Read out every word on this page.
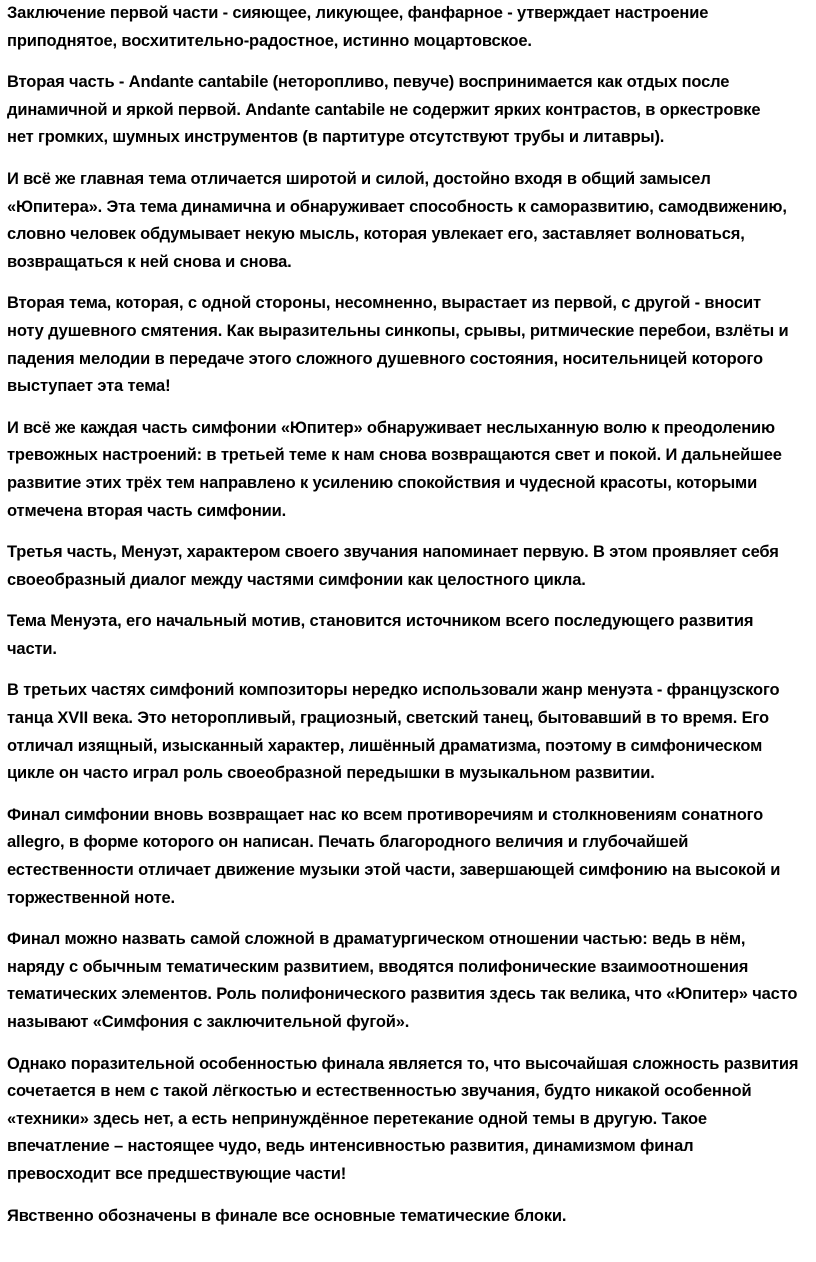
Заключение первой части - сияющее, ликующее, фанфарное - утверждает настроение
приподнятое, восхитительно-радостное, истинно моцартовское.

Вторая часть - Andante cantabile (неторопливо, певуче) воспринимается как отдых после
динамичной и яркой первой. Andante cantabile не содержит ярких контрастов, в оркестровке
нет громких, шумных инструментов (в партитуре отсутствуют трубы и литавры).

И всё же главная тема отличается широтой и силой, достойно входя в общий замысел
«Юпитера». Эта тема динамична и обнаруживает способность к саморазвитию, самодвижению,
словно человек обдумывает некую мысль, которая увлекает его, заставляет волноваться,
возвращаться к ней снова и снова.

Вторая тема, которая, с одной стороны, несомненно, вырастает из первой, с другой - вносит
ноту душевного смятения. Как выразительны синкопы, срывы, ритмические перебои, взлёты и
падения мелодии в передаче этого сложного душевного состояния, носительницей которого
выступает эта тема!

И всё же каждая часть симфонии «Юпитер» обнаруживает неслыханную волю к преодолению
тревожных настроений: в третьей теме к нам снова возвращаются свет и покой. И дальнейшее
развитие этих трёх тем направлено к усилению спокойствия и чудесной красоты, которыми
отмечена вторая часть симфонии.

Третья часть, Менуэт, характером своего звучания напоминает первую. В этом проявляет себя
своеобразный диалог между частями симфонии как целостного цикла.

Тема Менуэта, его начальный мотив, становится источником всего последующего развития
части.

В третьих частях симфоний композиторы нередко использовали жанр менуэта - французского
танца XVII века. Это неторопливый, грациозный, светский танец, бытовавший в то время. Его
отличал изящный, изысканный характер, лишённый драматизма, поэтому в симфоническом
цикле он часто играл роль своеобразной передышки в музыкальном развитии.

Финал симфонии вновь возвращает нас ко всем противоречиям и столкновениям сонатного
allegro, в форме которого он написан. Печать благородного величия и глубочайшей
естественности отличает движение музыки этой части, завершающей симфонию на высокой и
торжественной ноте.

Финал можно назвать самой сложной в драматургическом отношении частью: ведь в нём,
наряду с обычным тематическим развитием, вводятся полифонические взаимоотношения
тематических элементов. Роль полифонического развития здесь так велика, что «Юпитер» часто
называют «Симфония с заключительной фугой».

Однако поразительной особенностью финала является то, что высочайшая сложность развития
сочетается в нем с такой лёгкостью и естественностью звучания, будто никакой особенной
«техники» здесь нет, а есть непринуждённое перетекание одной темы в другую. Такое
впечатление – настоящее чудо, ведь интенсивностью развития, динамизмом финал
превосходит все предшествующие части!

Явственно обозначены в финале все основные тематические блоки.
